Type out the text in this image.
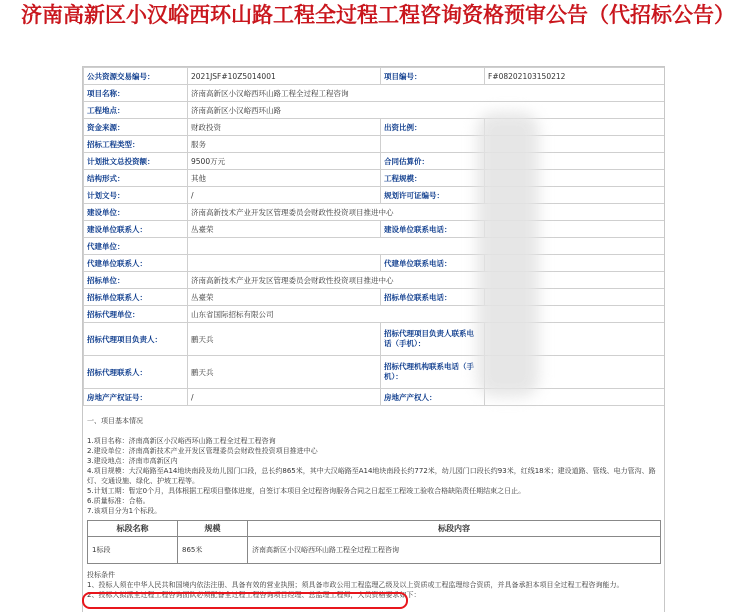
济南高新区小汉峪西环山路工程全过程工程咨询资格预审公告（代招标公告）
公共资源交易编号：	2021JSF#10Z5014001	项目编号：	F#08202103150212
项目名称：	济南高新区小汉峪西环山路工程全过程工程咨询		
工程地点：	济南高新区小汉峪西环山路		
资金来源：	财政投资	出资比例：	
招标工程类型：	服务		
计划批文总投资额：	9500万元	合同估算价：	
结构形式：	其他	工程规模：	
计划文号：	/	规划许可证编号：	
建设单位：	济南高新技术产业开发区管理委员会财政性投资项目推进中心		
建设单位联系人：	丛臺荣	建设单位联系电话：	
代建单位：			
代建单位联系人：		代建单位联系电话：	
招标单位：	济南高新技术产业开发区管理委员会财政性投资项目推进中心		
招标单位联系人：	丛臺荣	招标单位联系电话：	
招标代理单位：	山东省国际招标有限公司		
招标代理项目负责人：	鹏天兵	招标代理项目负责人联系电话（手机）：	
招标代理联系人：	鹏天兵	招标代理机构联系电话（手机）：	
房地产产权证号：	/	房地产产权人：	

一、项目基本情况

1.项目名称：济南高新区小汉峪西环山路工程全过程工程咨询

2.建设单位：济南高新技术产业开发区管理委员会财政性投资项目推进中心

3.建设地点：济南市高新区内

4.项目规模：大汉峪路至A14地块南段及幼儿园门口段，总长约865米，其中大汉峪路至A14地块南段长约772米，幼儿园门口段长约93米，红线18米；建设道路、管线、电力管沟、路灯、交通设施、绿化、护坡工程等。

5.计划工期：暂定0个月，具体根据工程项目整体进度，自签订本项目全过程咨询服务合同之日起至工程竣工验收合格缺陷责任期结束之日止。

6.质量标准：合格。

7.该项目分为1个标段。

标段名称	规模	标段内容
1标段	865米	济南高新区小汉峪西环山路工程全过程工程咨询

投标条件

1、投标人须在中华人民共和国境内依法注册、具备有效的营业执照；须具备市政公用工程监理乙级及以上资质或工程监理综合资质，并具备承担本项目全过程工程咨询能力。

2、投标人拟派全过程工程咨询团队必须配备全过程工程咨询项目经理、总监理工程师，人员资格要求如下：
